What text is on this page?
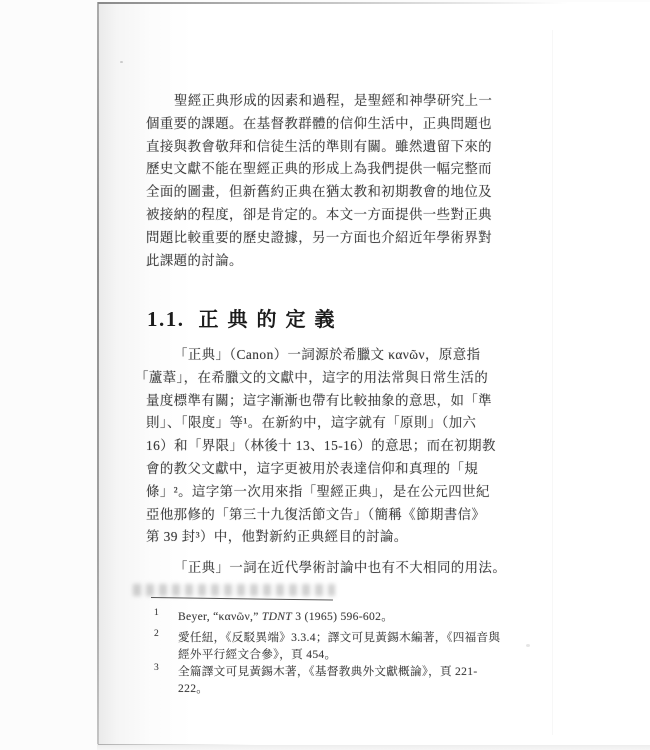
聖經正典形成的因素和過程，是聖經和神學研究上一
個重要的課題。在基督教群體的信仰生活中，正典問題也
直接與教會敬拜和信徒生活的準則有關。雖然遺留下來的
歷史文獻不能在聖經正典的形成上為我們提供一幅完整而
全面的圖畫，但新舊約正典在猶太教和初期教會的地位及
被接納的程度，卻是肯定的。本文一方面提供一些對正典
問題比較重要的歷史證據，另一方面也介紹近年學術界對
此課題的討論。
1.1. 正典的定義
「正典」（Canon）一詞源於希臘文 κανῶν，原意指
「蘆葦」，在希臘文的文獻中，這字的用法常與日常生活的
量度標準有關；這字漸漸也帶有比較抽象的意思，如「準
則」、「限度」等¹。在新約中，這字就有「原則」（加六
16）和「界限」（林後十 13、15-16）的意思；而在初期教
會的教父文獻中，這字更被用於表達信仰和真理的「規
條」²。這字第一次用來指「聖經正典」，是在公元四世紀
亞他那修的「第三十九復活節文告」（簡稱《節期書信》
第 39 封³）中，他對新約正典經目的討論。
「正典」一詞在近代學術討論中也有不大相同的用法。
1	Beyer, “κανῶν,” TDNT 3 (1965) 596-602。
2	愛任紐，《反駁異端》3.3.4；譯文可見黃錫木編著，《四福音與
經外平行經文合參》，頁 454。
3	全篇譯文可見黃錫木著，《基督教典外文獻概論》，頁 221-
222。
